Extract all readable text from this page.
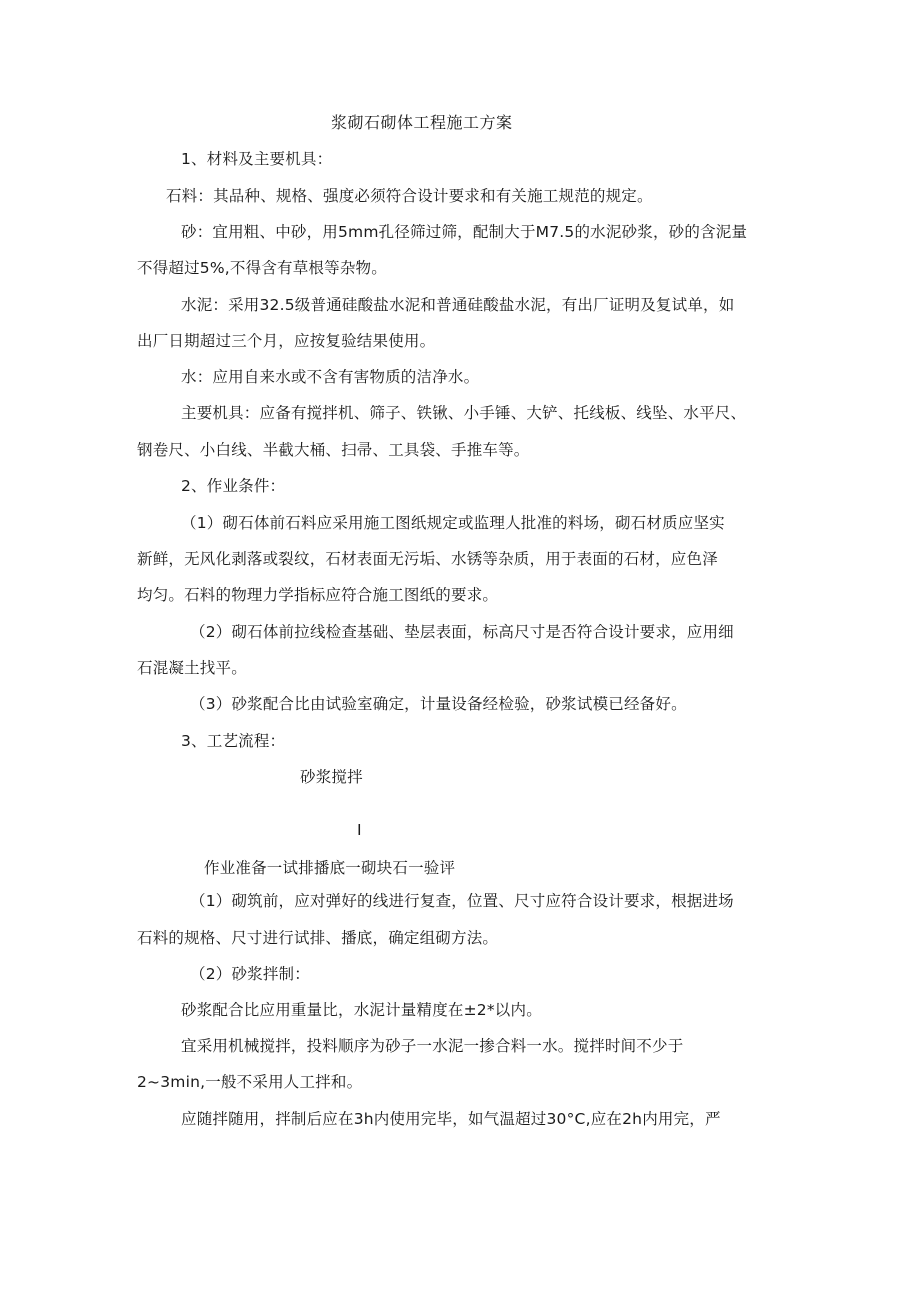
浆砌石砌体工程施工方案

1、材料及主要机具：

石料：其品种、规格、强度必须符合设计要求和有关施工规范的规定。

砂：宜用粗、中砂，用5mm孔径筛过筛，配制大于M7.5的水泥砂浆，砂的含泥量

不得超过5%,不得含有草根等杂物。

水泥：采用32.5级普通硅酸盐水泥和普通硅酸盐水泥，有出厂证明及复试单，如

出厂日期超过三个月，应按复验结果使用。

水：应用自来水或不含有害物质的洁净水。

主要机具：应备有搅拌机、筛子、铁锹、小手锤、大铲、托线板、线坠、水平尺、

钢卷尺、小白线、半截大桶、扫帚、工具袋、手推车等。

2、作业条件：

（1）砌石体前石料应采用施工图纸规定或监理人批准的料场，砌石材质应坚实

新鲜，无风化剥落或裂纹，石材表面无污垢、水锈等杂质，用于表面的石材，应色泽

均匀。石料的物理力学指标应符合施工图纸的要求。

（2）砌石体前拉线检查基础、垫层表面，标高尺寸是否符合设计要求，应用细

石混凝土找平。

（3）砂浆配合比由试验室确定，计量设备经检验，砂浆试模已经备好。

3、工艺流程：

砂浆搅拌

I

作业准备一试排播底一砌块石一验评

（1）砌筑前，应对弹好的线进行复查，位置、尺寸应符合设计要求，根据进场

石料的规格、尺寸进行试排、播底，确定组砌方法。

（2）砂浆拌制：

砂浆配合比应用重量比，水泥计量精度在±2*以内。

宜采用机械搅拌，投料顺序为砂子一水泥一掺合料一水。搅拌时间不少于

2~3min,一般不采用人工拌和。

应随拌随用，拌制后应在3h内使用完毕，如气温超过30°C,应在2h内用完，严
